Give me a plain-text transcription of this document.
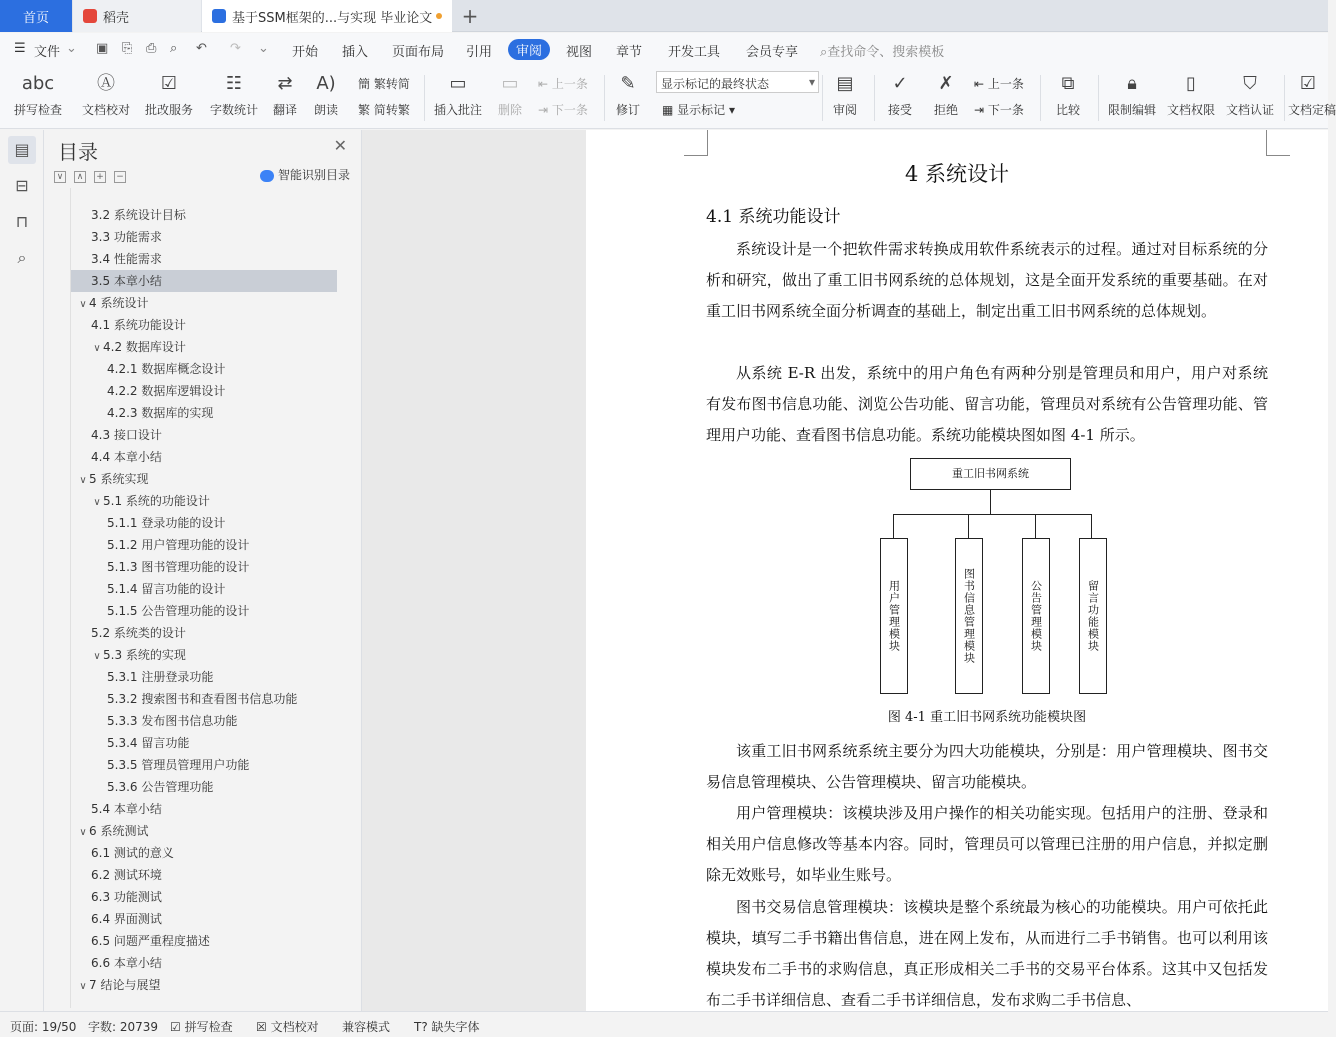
首页	稻壳	基于SSM框架的...与实现 毕业论文 +
☰ 文件 ⌄ ▣ ⎘ ⎙ ⌕ ↶ ↷ ⌄ 开始 插入 页面布局 引用	审阅	视图 章节 开发工具 会员专享 ⌕查找命令、搜索模板
abc
拼写检查
Ⓐ
文档校对
☑
批改服务
☷
字数统计
⇄
翻译
A)
朗读
簡 繁转简
繁 简转繁
▭
插入批注
▭
删除
⇤ 上一条
⇥ 下一条
✎
修订
显示标记的最终状态 ▾
▦ 显示标记 ▾
▤
审阅
✓
接受
✗
拒绝
⇤ 上一条
⇥ 下一条
⧉
比较
🔒︎
限制编辑
▯
文档权限
⛉
文档认证
☑
文档定稿
▤
⊟
⊓
⌕
目录	✕
∨ ∧ + −	智能识别目录
3.2 系统设计目标
3.3 功能需求
3.4 性能需求
3.5 本章小结
∨ 4 系统设计
4.1 系统功能设计
∨ 4.2 数据库设计
4.2.1 数据库概念设计
4.2.2 数据库逻辑设计
4.2.3 数据库的实现
4.3 接口设计
4.4 本章小结
∨ 5 系统实现
∨ 5.1 系统的功能设计
5.1.1 登录功能的设计
5.1.2 用户管理功能的设计
5.1.3 图书管理功能的设计
5.1.4 留言功能的设计
5.1.5 公告管理功能的设计
5.2 系统类的设计
∨ 5.3 系统的实现
5.3.1 注册登录功能
5.3.2 搜索图书和查看图书信息功能
5.3.3 发布图书信息功能
5.3.4 留言功能
5.3.5 管理员管理用户功能
5.3.6 公告管理功能
5.4 本章小结
∨ 6 系统测试
6.1 测试的意义
6.2 测试环境
6.3 功能测试
6.4 界面测试
6.5 问题严重程度描述
6.6 本章小结
∨ 7 结论与展望
4 系统设计
4.1 系统功能设计
系统设计是一个把软件需求转换成用软件系统表示的过程。通过对目标系统的分析和研究，做出了重工旧书网系统的总体规划，这是全面开发系统的重要基础。在对重工旧书网系统全面分析调查的基础上，制定出重工旧书网系统的总体规划。
从系统 E-R 出发，系统中的用户角色有两种分别是管理员和用户，用户对系统有发布图书信息功能、浏览公告功能、留言功能，管理员对系统有公告管理功能、管理用户功能、查看图书信息功能。系统功能模块图如图 4-1 所示。
重工旧书网系统
用户管理模块	图书信息管理模块	公告管理模块	留言功能模块
图 4-1 重工旧书网系统功能模块图
该重工旧书网系统系统主要分为四大功能模块，分别是：用户管理模块、图书交易信息管理模块、公告管理模块、留言功能模块。
用户管理模块：该模块涉及用户操作的相关功能实现。包括用户的注册、登录和相关用户信息修改等基本内容。同时，管理员可以管理已注册的用户信息，并拟定删除无效账号，如毕业生账号。
图书交易信息管理模块：该模块是整个系统最为核心的功能模块。用户可依托此模块，填写二手书籍出售信息，进在网上发布，从而进行二手书销售。也可以利用该模块发布二手书的求购信息，真正形成相关二手书的交易平台体系。这其中又包括发布二手书详细信息、查看二手书详细信息，发布求购二手书信息、
页面: 19/50 字数: 20739 ☑ 拼写检查 ☒ 文档校对 兼容模式 T? 缺失字体
